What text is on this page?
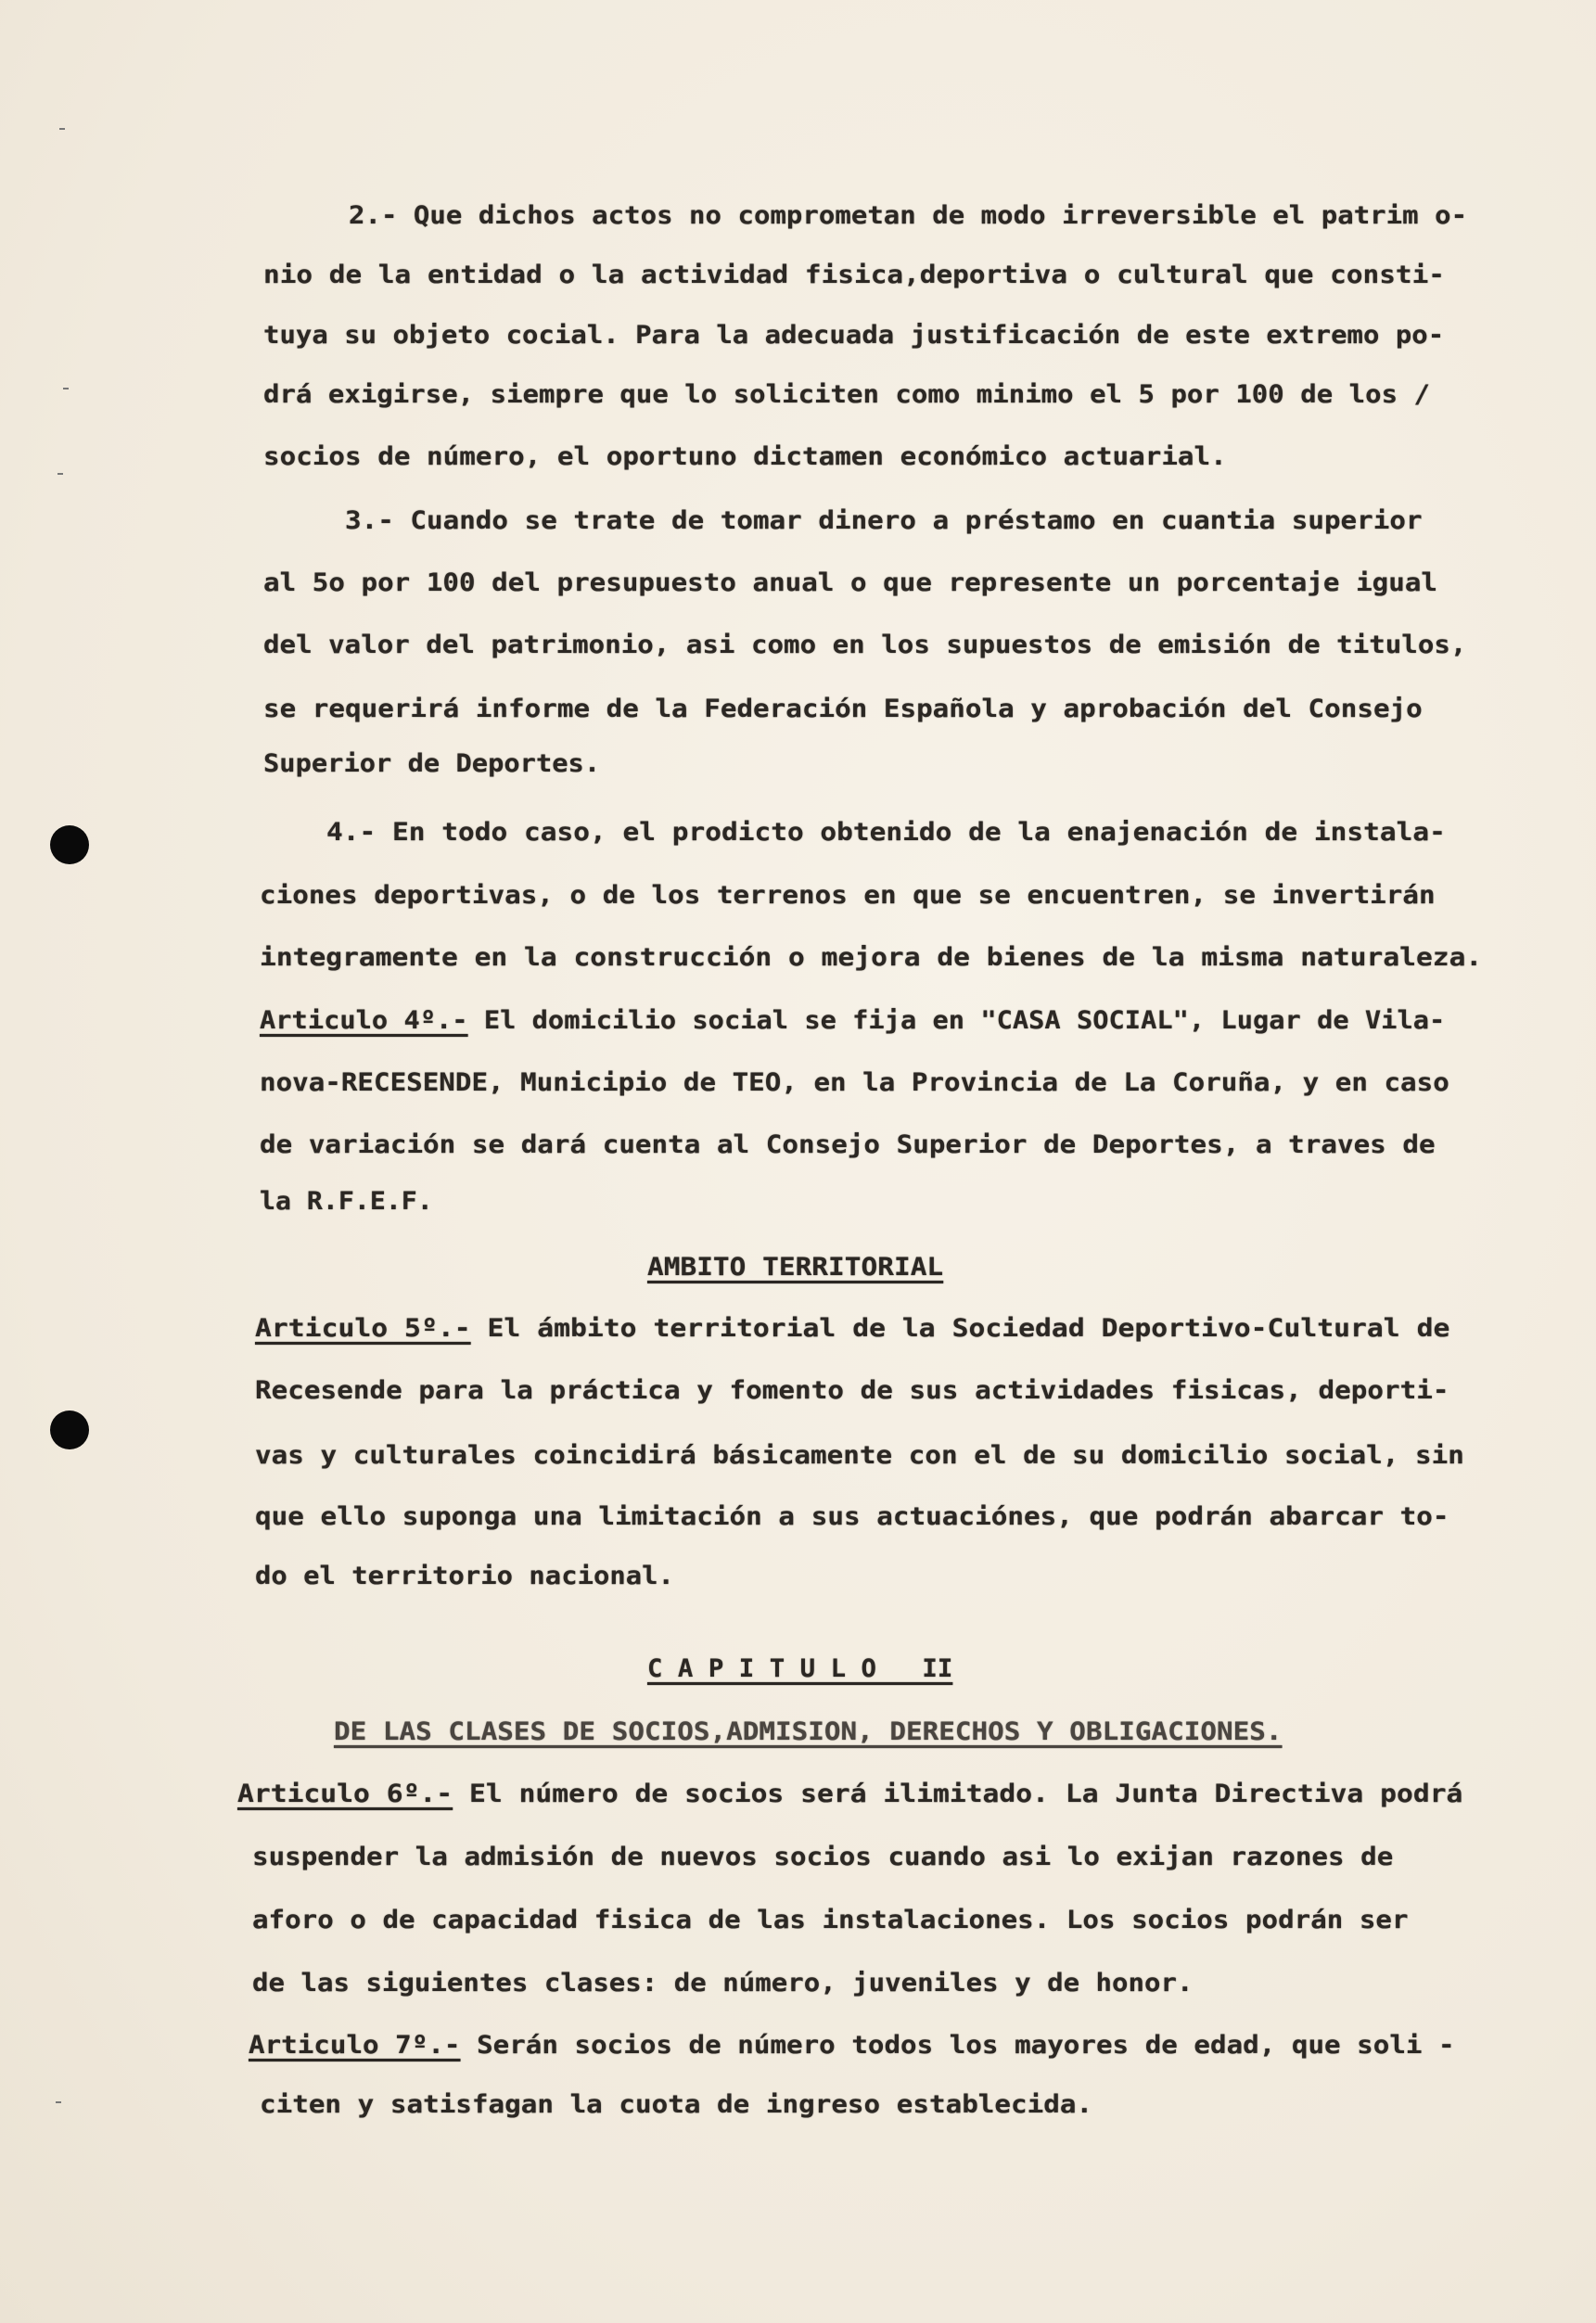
2.- Que dichos actos no comprometan de modo irreversible el patrim o-
nio de la entidad o la actividad fisica,deportiva o cultural que consti-
tuya su objeto cocial. Para la adecuada justificación de este extremo po-
drá exigirse, siempre que lo soliciten como minimo el 5 por 100 de los /
socios de número, el oportuno dictamen económico actuarial.
3.- Cuando se trate de tomar dinero a préstamo en cuantia superior
al 5o por 100 del presupuesto anual o que represente un porcentaje igual
del valor del patrimonio, asi como en los supuestos de emisión de titulos,
se requerirá informe de la Federación Española y aprobación del Consejo
Superior de Deportes.
4.- En todo caso, el prodicto obtenido de la enajenación de instala-
ciones deportivas, o de los terrenos en que se encuentren, se invertirán
integramente en la construcción o mejora de bienes de la misma naturaleza.
Articulo 4º.- El domicilio social se fija en "CASA SOCIAL", Lugar de Vila-
nova-RECESENDE, Municipio de TEO, en la Provincia de La Coruña, y en caso
de variación se dará cuenta al Consejo Superior de Deportes, a traves de
la R.F.E.F.
AMBITO TERRITORIAL
Articulo 5º.- El ámbito territorial de la Sociedad Deportivo-Cultural de
Recesende para la práctica y fomento de sus actividades fisicas, deporti-
vas y culturales coincidirá básicamente con el de su domicilio social, sin
que ello suponga una limitación a sus actuaciónes, que podrán abarcar to-
do el territorio nacional.
C A P I T U L O   II
DE LAS CLASES DE SOCIOS,ADMISION, DERECHOS Y OBLIGACIONES.
Articulo 6º.- El número de socios será ilimitado. La Junta Directiva podrá
suspender la admisión de nuevos socios cuando asi lo exijan razones de
aforo o de capacidad fisica de las instalaciones. Los socios podrán ser
de las siguientes clases: de número, juveniles y de honor.
Articulo 7º.- Serán socios de número todos los mayores de edad, que soli -
citen y satisfagan la cuota de ingreso establecida.
